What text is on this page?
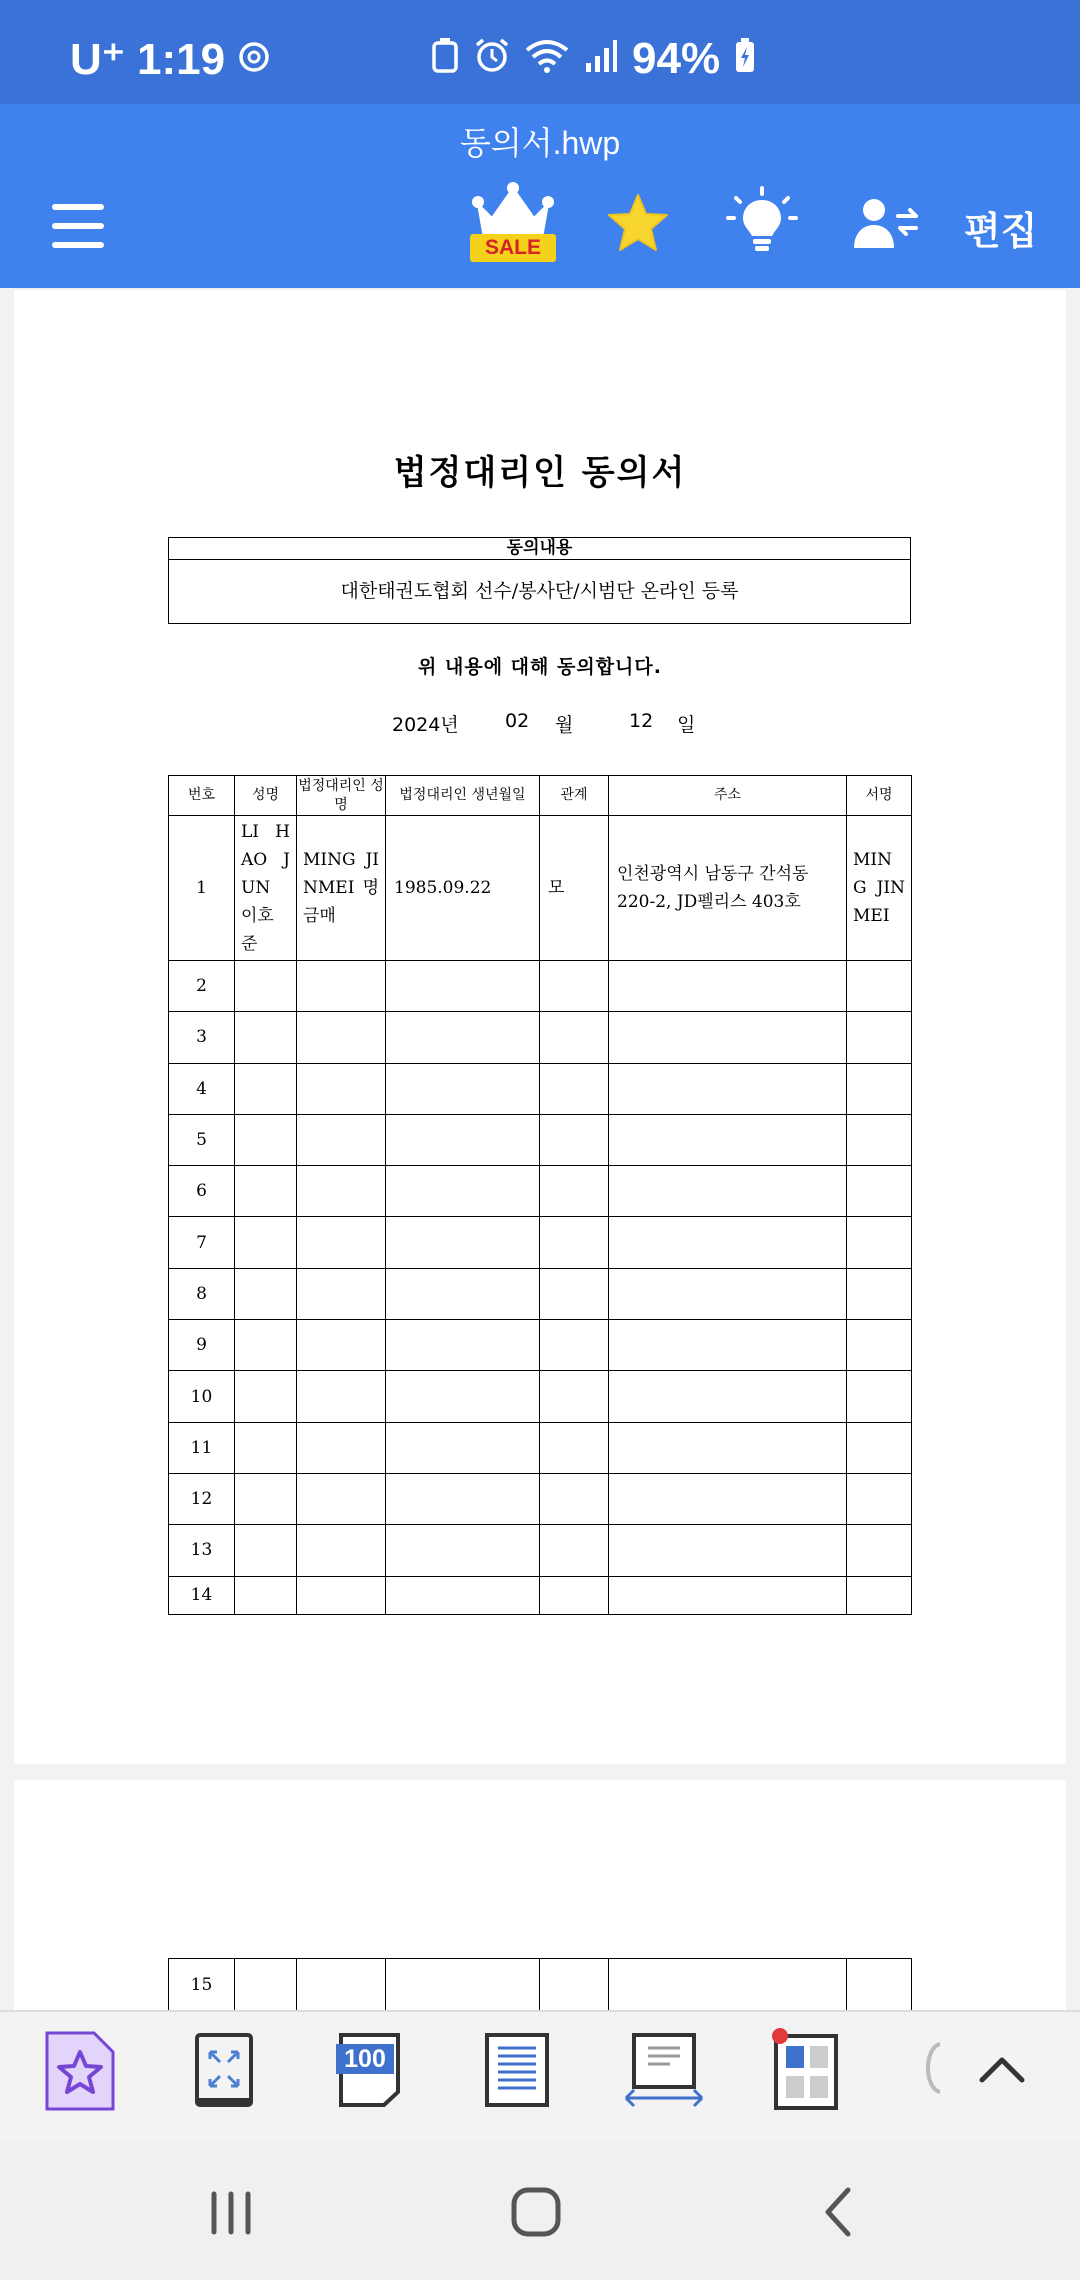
U⁺ 1:19	94%
동의서.hwp
SALE	편집
법정대리인 동의서
동의내용
대한태권도협회 선수/봉사단/시범단 온라인 등록
위 내용에 대해 동의합니다.
2024년	02	월	12	일
번호	성명	법정대리인 성명	법정대리인 생년월일	관계	주소	서명
1	LI HAO JUN 이호준	MING JINMEI 명금매	1985.09.22	모	인천광역시 남동구 간석동 220-2, JD펠리스 403호	MING JINMEI
2						
3						
4						
5						
6						
7						
8						
9						
10						
11						
12						
13						
14						
15						
100
